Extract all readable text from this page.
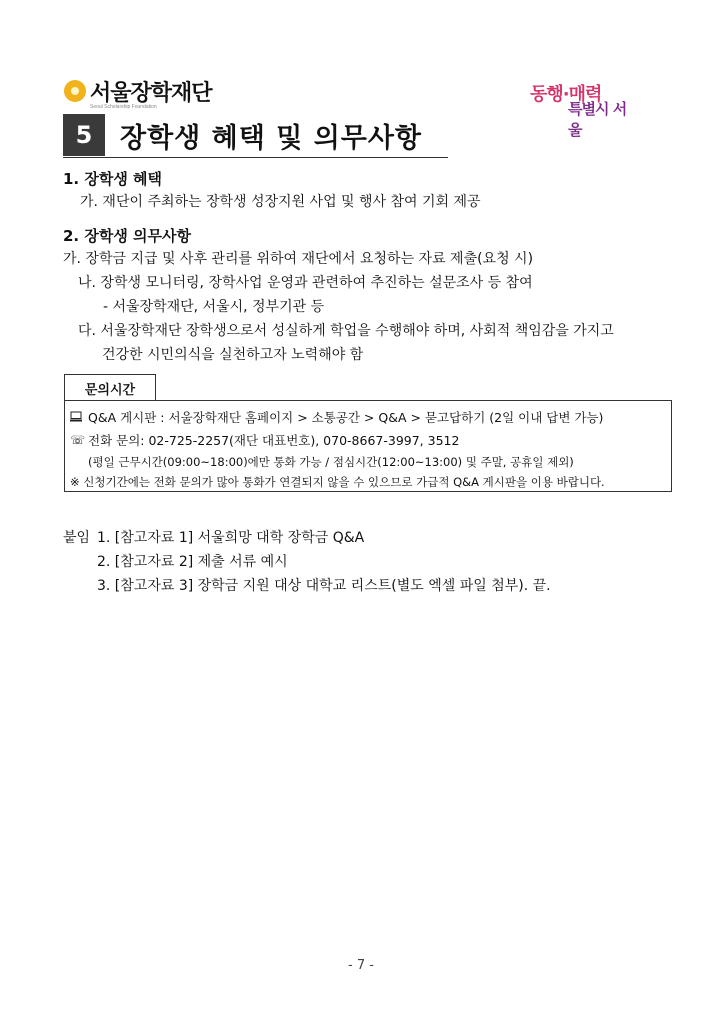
서울장학재단
Seoul Scholarship Foundation
동행·매력
특별시 서울
5	장학생 혜택 및 의무사항
1. 장학생 혜택
가. 재단이 주최하는 장학생 성장지원 사업 및 행사 참여 기회 제공
2. 장학생 의무사항
가. 장학금 지급 및 사후 관리를 위하여 재단에서 요청하는 자료 제출(요청 시)
나. 장학생 모니터링, 장학사업 운영과 관련하여 추진하는 설문조사 등 참여
- 서울장학재단, 서울시, 정부기관 등
다. 서울장학재단 장학생으로서 성실하게 학업을 수행해야 하며, 사회적 책임감을 가지고
건강한 시민의식을 실천하고자 노력해야 함
문의시간
Q&A 게시판 : 서울장학재단 홈페이지 > 소통공간 > Q&A > 묻고답하기 (2일 이내 답변 가능)
☏ 전화 문의: 02-725-2257(재단 대표번호), 070-8667-3997, 3512
(평일 근무시간(09:00~18:00)에만 통화 가능 / 점심시간(12:00~13:00) 및 주말, 공휴일 제외)
※ 신청기간에는 전화 문의가 많아 통화가 연결되지 않을 수 있으므로 가급적 Q&A 게시판을 이용 바랍니다.
붙임 1. [참고자료 1] 서울희망 대학 장학금 Q&A
2. [참고자료 2] 제출 서류 예시
3. [참고자료 3] 장학금 지원 대상 대학교 리스트(별도 엑셀 파일 첨부). 끝.
- 7 -
